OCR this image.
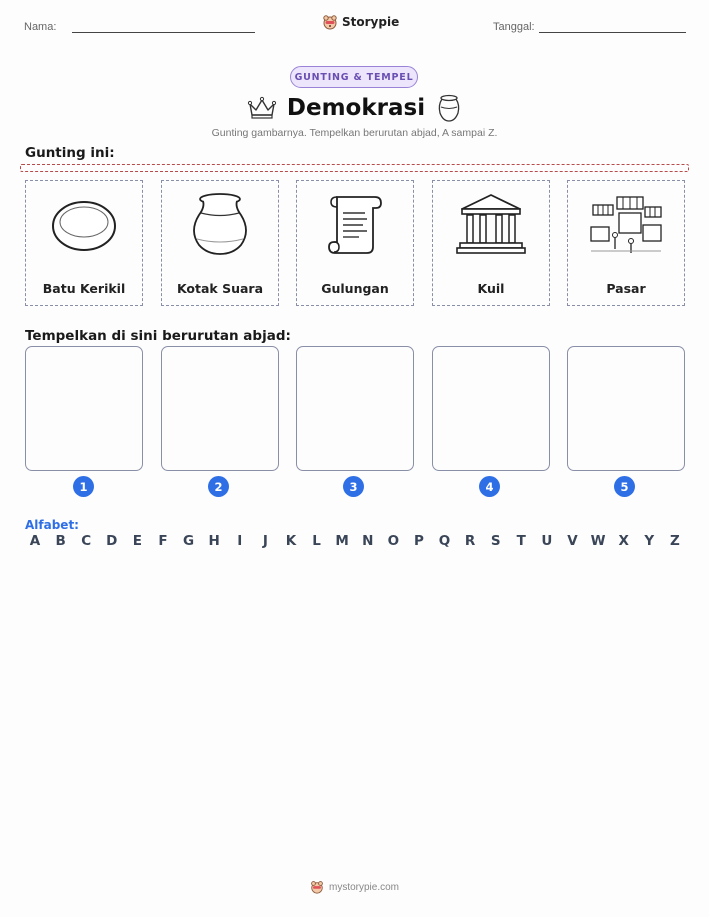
Nama:	Storypie	Tanggal:
GUNTING & TEMPEL
Demokrasi
Gunting gambarnya. Tempelkan berurutan abjad, A sampai Z.
Gunting ini:
Batu Kerikil	Kotak Suara	Gulungan	Kuil	Pasar
Tempelkan di sini berurutan abjad:
1	2	3	4	5
Alfabet:
A	B	C	D	E	F	G	H	I	J	K	L	M N	O	P	Q	R	S	T	U	V W X	Y	Z
mystorypie.com
